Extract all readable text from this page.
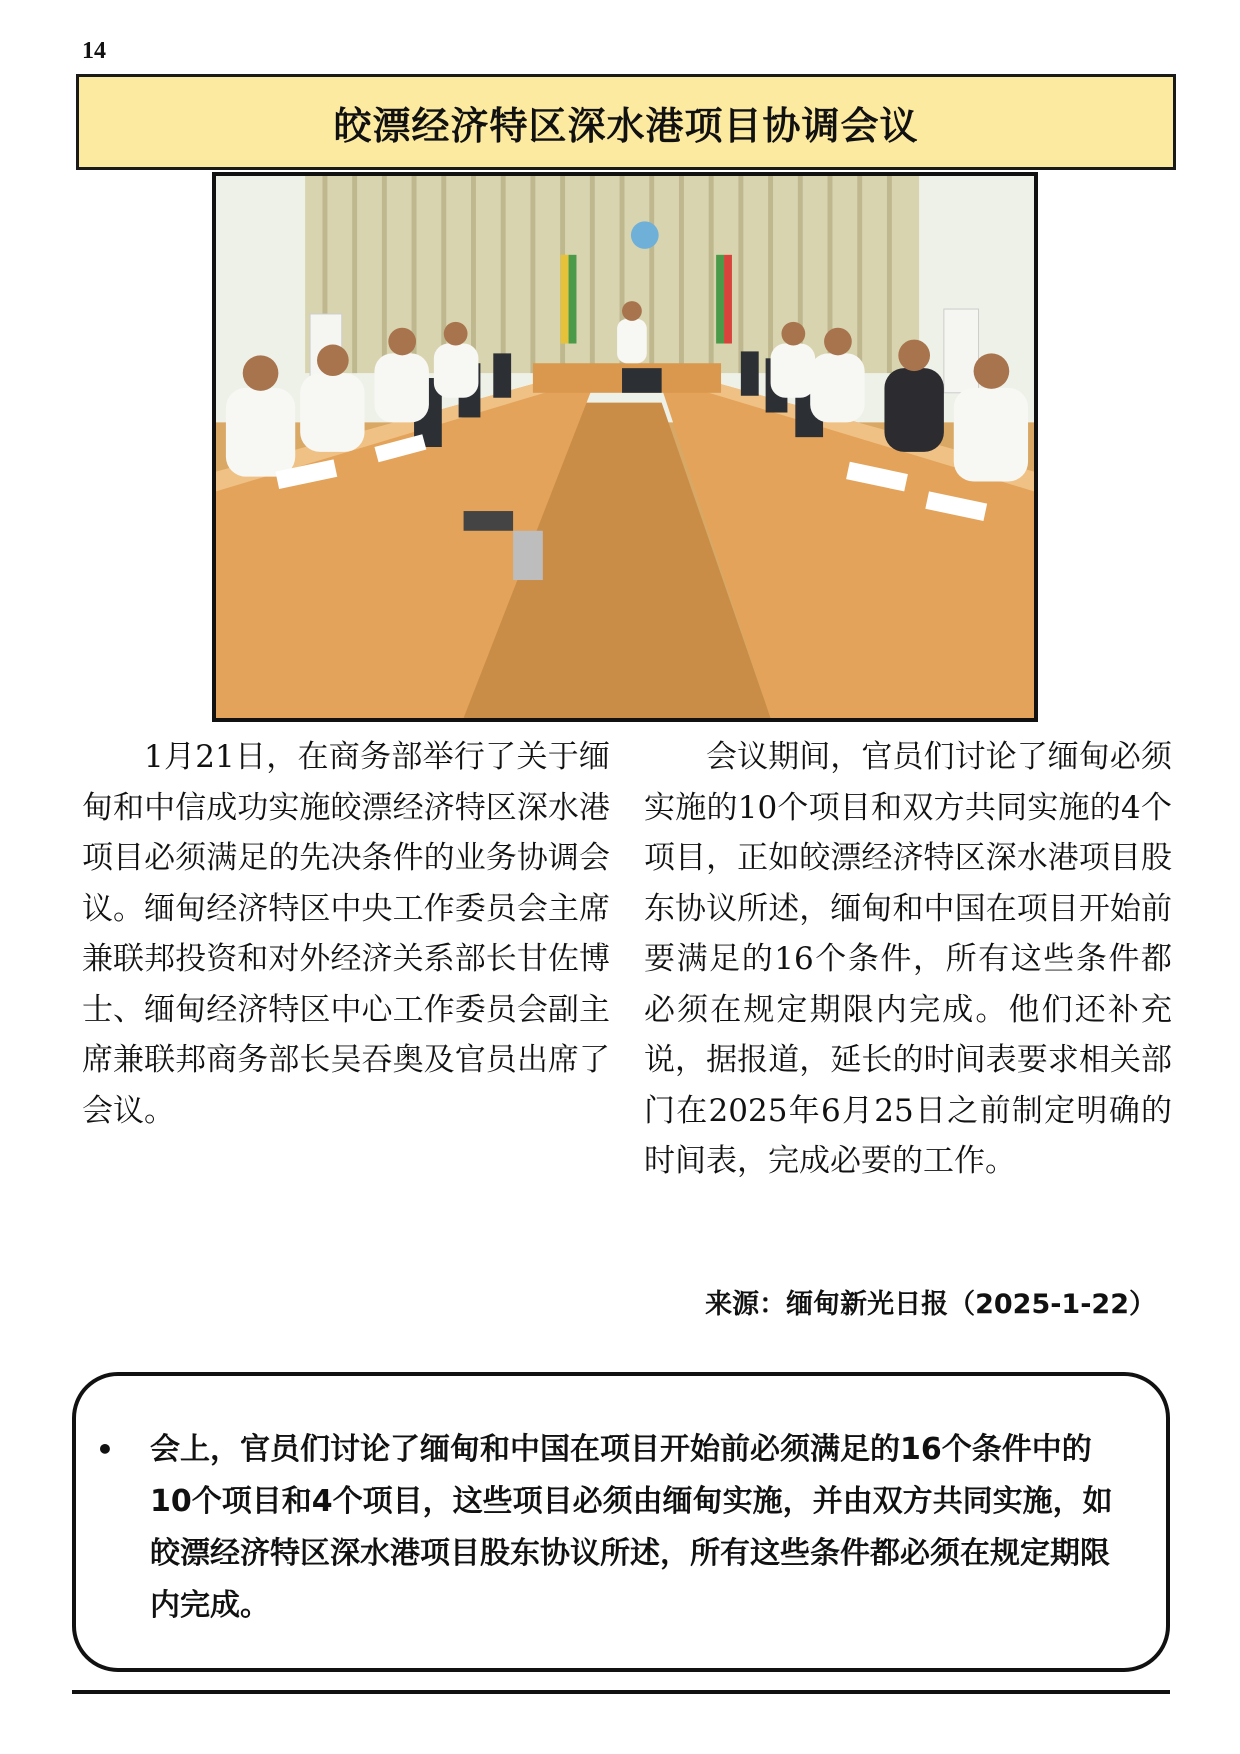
14
皎漂经济特区深水港项目协调会议

1月21日，在商务部举行了关于缅甸和中信成功实施皎漂经济特区深水港项目必须满足的先决条件的业务协调会议。缅甸经济特区中央工作委员会主席兼联邦投资和对外经济关系部长甘佐博士、缅甸经济特区中心工作委员会副主席兼联邦商务部长吴吞奥及官员出席了会议。

会议期间，官员们讨论了缅甸必须实施的10个项目和双方共同实施的4个项目，正如皎漂经济特区深水港项目股东协议所述，缅甸和中国在项目开始前要满足的16个条件，所有这些条件都必须在规定期限内完成。他们还补充说，据报道，延长的时间表要求相关部门在2025年6月25日之前制定明确的时间表，完成必要的工作。

来源：缅甸新光日报（2025-1-22）
• 会上，官员们讨论了缅甸和中国在项目开始前必须满足的16个条件中的10个项目和4个项目，这些项目必须由缅甸实施，并由双方共同实施，如皎漂经济特区深水港项目股东协议所述，所有这些条件都必须在规定期限内完成。
